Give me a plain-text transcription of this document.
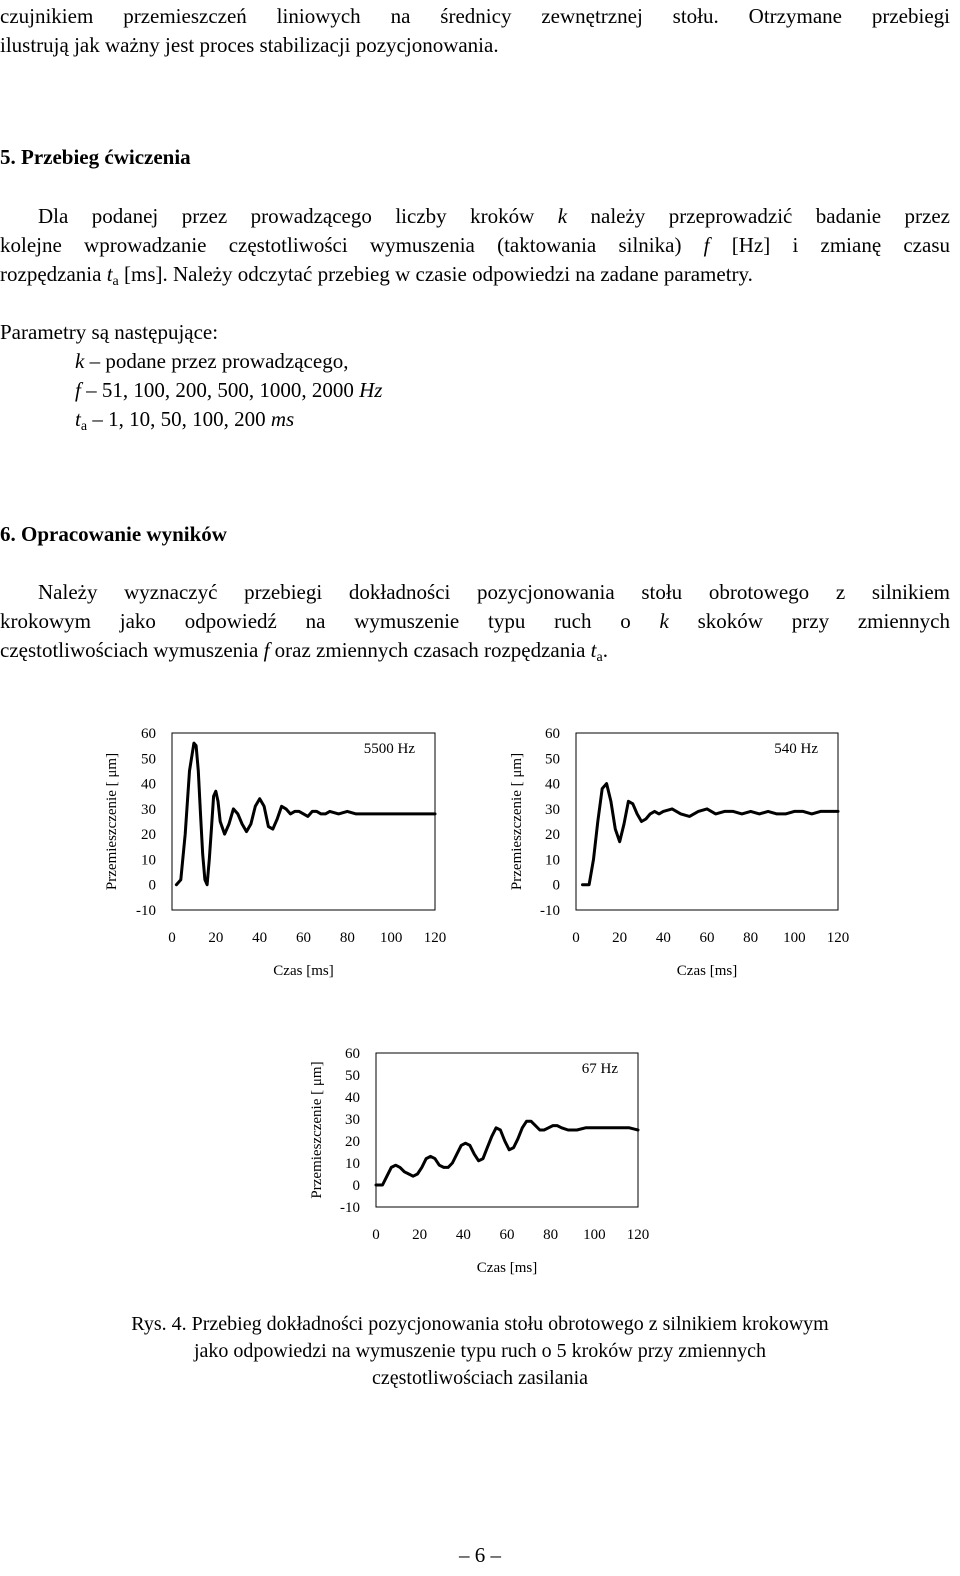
czujnikiem przemieszczeń liniowych na średnicy zewnętrznej stołu. Otrzymane przebiegi

ilustrują jak ważny jest proces stabilizacji pozycjonowania.

5. Przebieg ćwiczenia

Dla podanej przez prowadzącego liczby kroków k należy przeprowadzić badanie przez

kolejne wprowadzanie częstotliwości wymuszenia (taktowania silnika) f [Hz] i zmianę czasu

rozpędzania $t_a$ [ms]. Należy odczytać przebieg w czasie odpowiedzi na zadane parametry.

Parametry są następujące:

k – podane przez prowadzącego,
f – 51, 100, 200, 500, 1000, 2000 Hz
$t_a - 1$, 10, 50, 100, 200 ms
6. Opracowanie wyników

Należy wyznaczyć przebiegi dokładności pozycjonowania stołu obrotowego z silnikiem

krokowym jako odpowiedź na wymuszenie typu ruch o k skoków przy zmiennych

częstotliwościach wymuszenia f oraz zmiennych czasach rozpędzania $t_a$.

60
50
40
30
20
10
0
-10
0 20 40 60 80 100 120
Czas [ms]
Przemieszczenie [ μm]
5500 Hz
60
50
40
30
20
10
0
-10
0 20 40 60 80 100 120
Czas [ms]
Przemieszczenie [ μm]
540 Hz
60
50
40
30
20
10
0
-10
0 20 40 60 80 100 120
Czas [ms]
Przemieszczenie [ μm]	67 Hz
Rys. 4. Przebieg dokładności pozycjonowania stołu obrotowego z silnikiem krokowym
jako odpowiedzi na wymuszenie typu ruch o 5 kroków przy zmiennych
częstotliwościach zasilania
– 6 –
